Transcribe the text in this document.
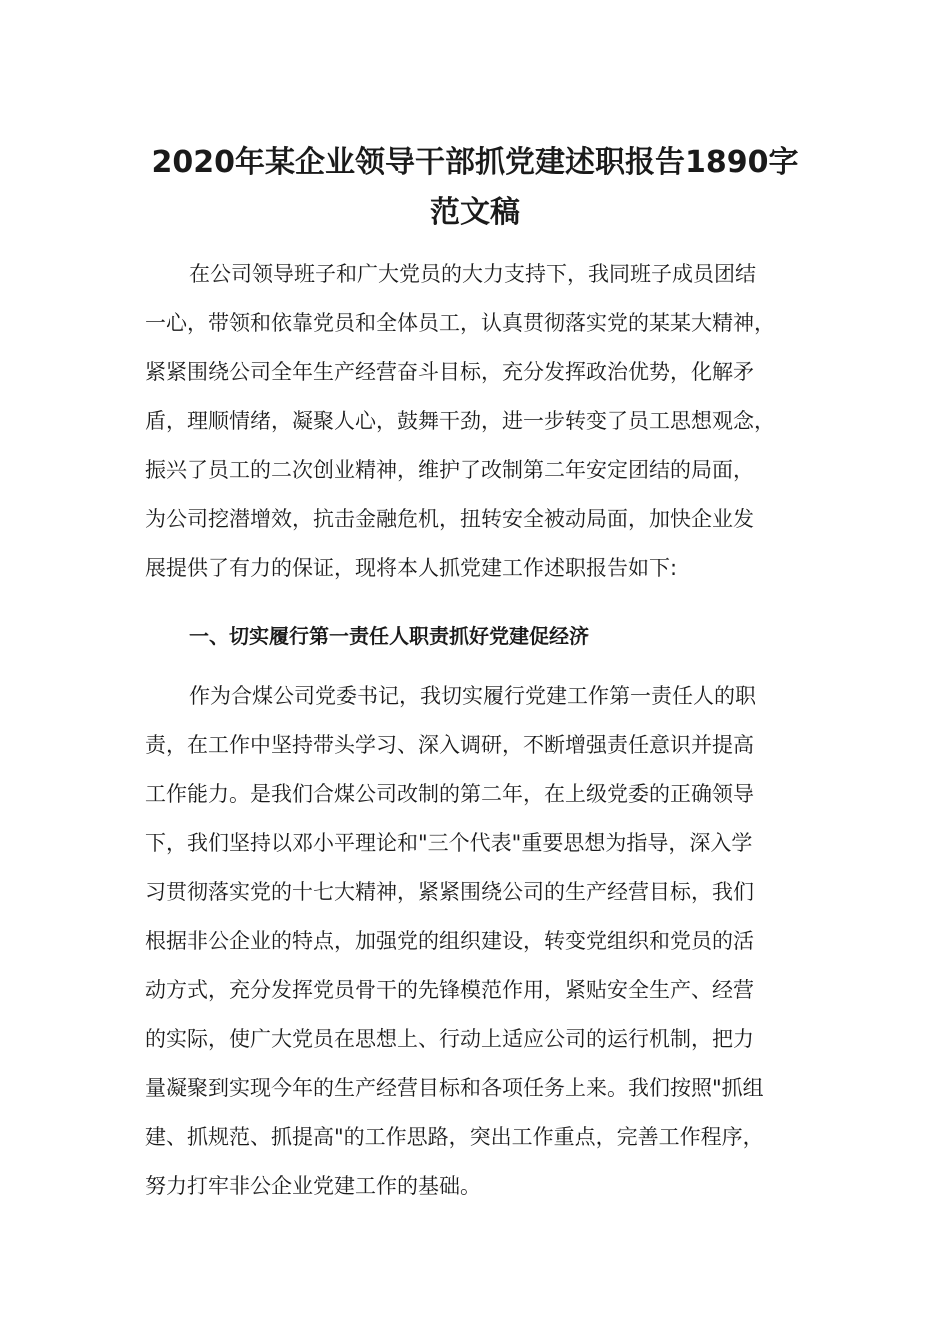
2020年某企业领导干部抓党建述职报告1890字
范文稿
在公司领导班子和广大党员的大力支持下，我同班子成员团结
一心，带领和依靠党员和全体员工，认真贯彻落实党的某某大精神，
紧紧围绕公司全年生产经营奋斗目标，充分发挥政治优势，化解矛
盾，理顺情绪，凝聚人心，鼓舞干劲，进一步转变了员工思想观念，
振兴了员工的二次创业精神，维护了改制第二年安定团结的局面，
为公司挖潜增效，抗击金融危机，扭转安全被动局面，加快企业发
展提供了有力的保证，现将本人抓党建工作述职报告如下:
一、切实履行第一责任人职责抓好党建促经济
作为合煤公司党委书记，我切实履行党建工作第一责任人的职
责，在工作中坚持带头学习、深入调研，不断增强责任意识并提高
工作能力。是我们合煤公司改制的第二年，在上级党委的正确领导
下，我们坚持以邓小平理论和"三个代表"重要思想为指导，深入学
习贯彻落实党的十七大精神，紧紧围绕公司的生产经营目标，我们
根据非公企业的特点，加强党的组织建设，转变党组织和党员的活
动方式，充分发挥党员骨干的先锋模范作用，紧贴安全生产、经营
的实际，使广大党员在思想上、行动上适应公司的运行机制，把力
量凝聚到实现今年的生产经营目标和各项任务上来。我们按照"抓组
建、抓规范、抓提高"的工作思路，突出工作重点，完善工作程序，
努力打牢非公企业党建工作的基础。
